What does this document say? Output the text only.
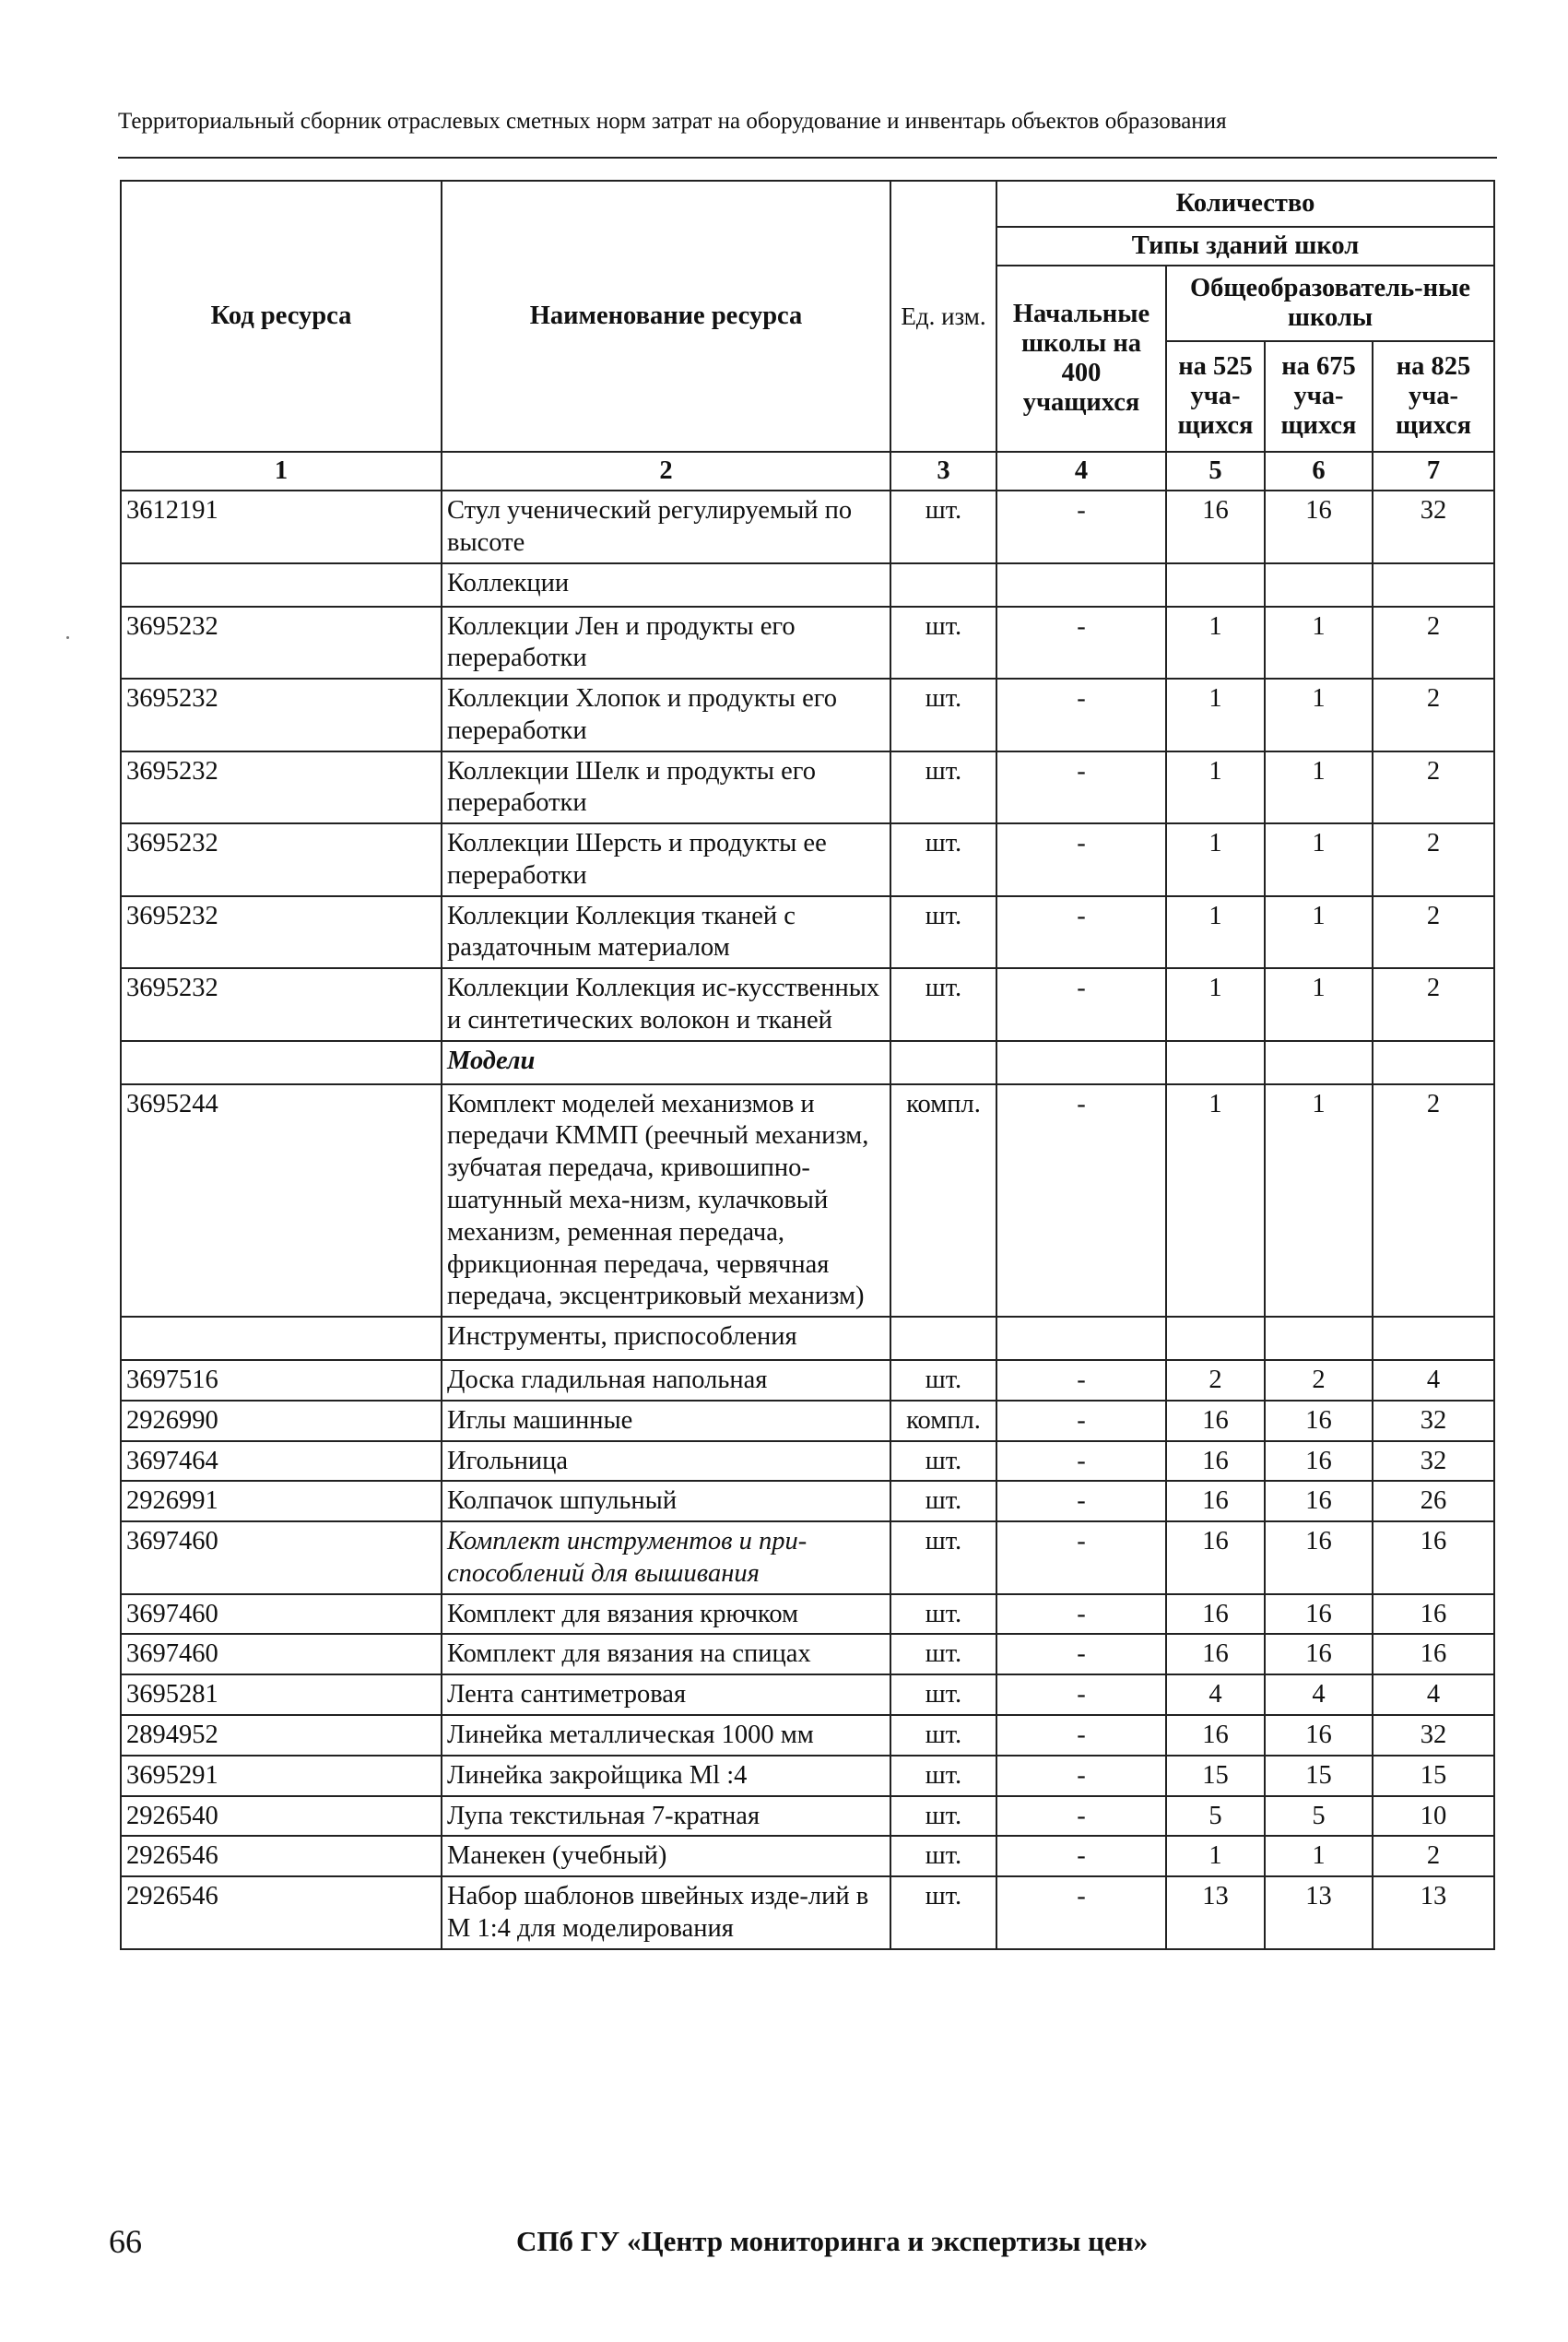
Территориальный сборник отраслевых сметных норм затрат на оборудование и инвентарь объектов образования
Код ресурса	Наименование ресурса	Ед. изм.	Количество			
			Типы зданий школ			
			Начальные школы на 400 учащихся	Общеобразователь-ные школы		
				на 525 уча-щихся	на 675 уча-щихся	на 825 уча-щихся
1	2	3	4	5	6	7
3612191	Стул ученический регулируемый по высоте	шт.	-	16	16	32
	Коллекции					
3695232	Коллекции Лен и продукты его переработки	шт.	-	1	1	2
3695232	Коллекции Хлопок и продукты его переработки	шт.	-	1	1	2
3695232	Коллекции Шелк и продукты его переработки	шт.	-	1	1	2
3695232	Коллекции Шерсть и продукты ее переработки	шт.	-	1	1	2
3695232	Коллекции Коллекция тканей с раздаточным материалом	шт.	-	1	1	2
3695232	Коллекции Коллекция ис-кусственных и синтетических волокон и тканей	шт.	-	1	1	2
	Модели					
3695244	Комплект моделей механизмов и передачи КММП (реечный механизм, зубчатая передача, кривошипно-шатунный меха-низм, кулачковый механизм, ременная передача, фрикционная передача, червячная передача, эксцентриковый механизм)	компл.	-	1	1	2
	Инструменты, приспособления					
3697516	Доска гладильная напольная	шт.	-	2	2	4
2926990	Иглы машинные	компл.	-	16	16	32
3697464	Игольница	шт.	-	16	16	32
2926991	Колпачок шпульный	шт.	-	16	16	26
3697460	Комплект инструментов и при-способлений для вышивания	шт.	-	16	16	16
3697460	Комплект для вязания крючком	шт.	-	16	16	16
3697460	Комплект для вязания на спицах	шт.	-	16	16	16
3695281	Лента сантиметровая	шт.	-	4	4	4
2894952	Линейка металлическая 1000 мм	шт.	-	16	16	32
3695291	Линейка закройщика Ml :4	шт.	-	15	15	15
2926540	Лупа текстильная 7-кратная	шт.	-	5	5	10
2926546	Манекен (учебный)	шт.	-	1	1	2
2926546	Набор шаблонов швейных изде-лий в М 1:4 для моделирования	шт.	-	13	13	13
66	СПб ГУ «Центр мониторинга и экспертизы цен»
